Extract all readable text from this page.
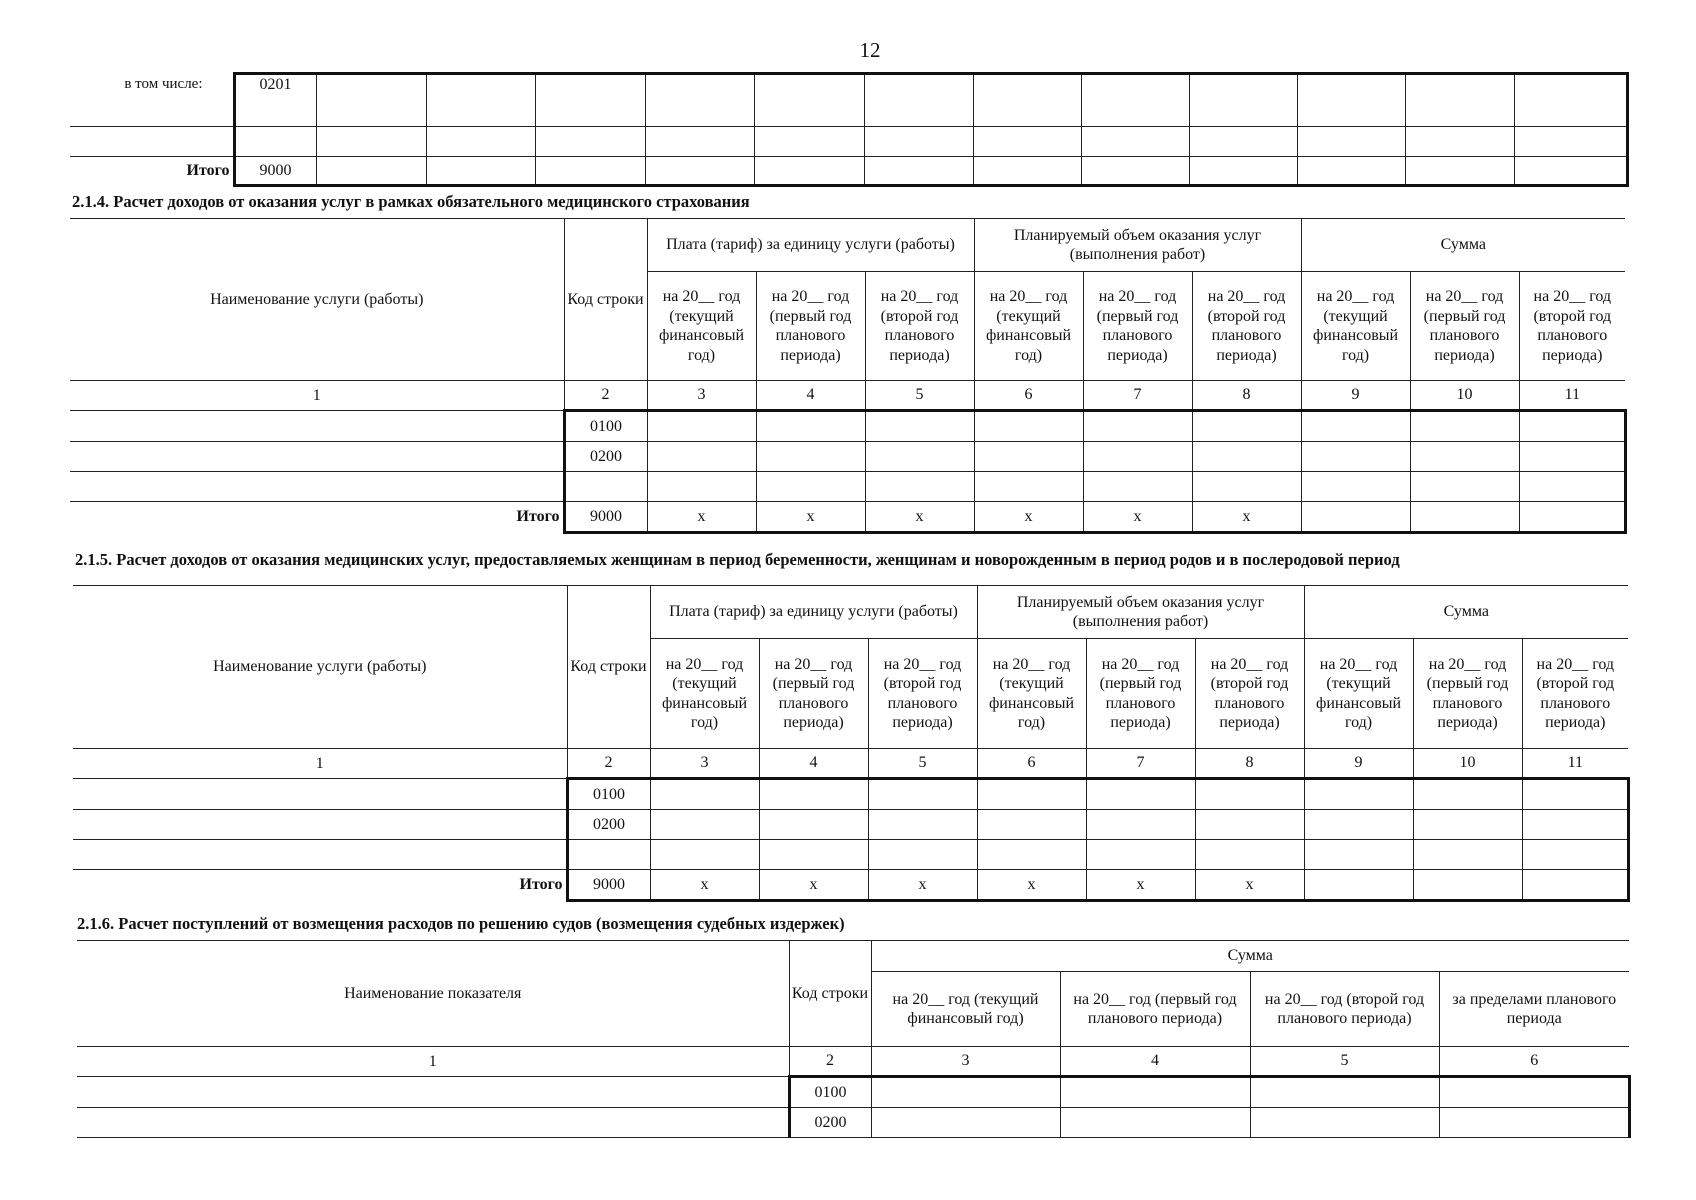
12
в том числе:	0201												

Итого	9000												
2.1.4. Расчет доходов от оказания услуг в рамках обязательного медицинского страхования
Наименование услуги (работы)	Код строки	Плата (тариф) за единицу услуги (работы)			Планируемый объем оказания услуг (выполнения работ)			Сумма		
		на 20__ год (текущий финансовый год)	на 20__ год (первый год планового периода)	на 20__ год (второй год планового периода)	на 20__ год (текущий финансовый год)	на 20__ год (первый год планового периода)	на 20__ год (второй год планового периода)	на 20__ год (текущий финансовый год)	на 20__ год (первый год планового периода)	на 20__ год (второй год планового периода)
1	2	3	4	5	6	7	8	9	10	11
	0100									
	0200									

Итого	9000	x	x	x	x	x	x			
2.1.5. Расчет доходов от оказания медицинских услуг, предоставляемых женщинам в период беременности, женщинам и новорожденным в период родов и в послеродовой период
Наименование услуги (работы)	Код строки	Плата (тариф) за единицу услуги (работы)			Планируемый объем оказания услуг (выполнения работ)			Сумма		
		на 20__ год (текущий финансовый год)	на 20__ год (первый год планового периода)	на 20__ год (второй год планового периода)	на 20__ год (текущий финансовый год)	на 20__ год (первый год планового периода)	на 20__ год (второй год планового периода)	на 20__ год (текущий финансовый год)	на 20__ год (первый год планового периода)	на 20__ год (второй год планового периода)
1	2	3	4	5	6	7	8	9	10	11
	0100									
	0200									

Итого	9000	x	x	x	x	x	x			
2.1.6. Расчет поступлений от возмещения расходов по решению судов (возмещения судебных издержек)
Наименование показателя	Код строки	Сумма			
		на 20__ год (текущий финансовый год)	на 20__ год (первый год планового периода)	на 20__ год (второй год планового периода)	за пределами планового периода
1	2	3	4	5	6
	0100				
	0200				
